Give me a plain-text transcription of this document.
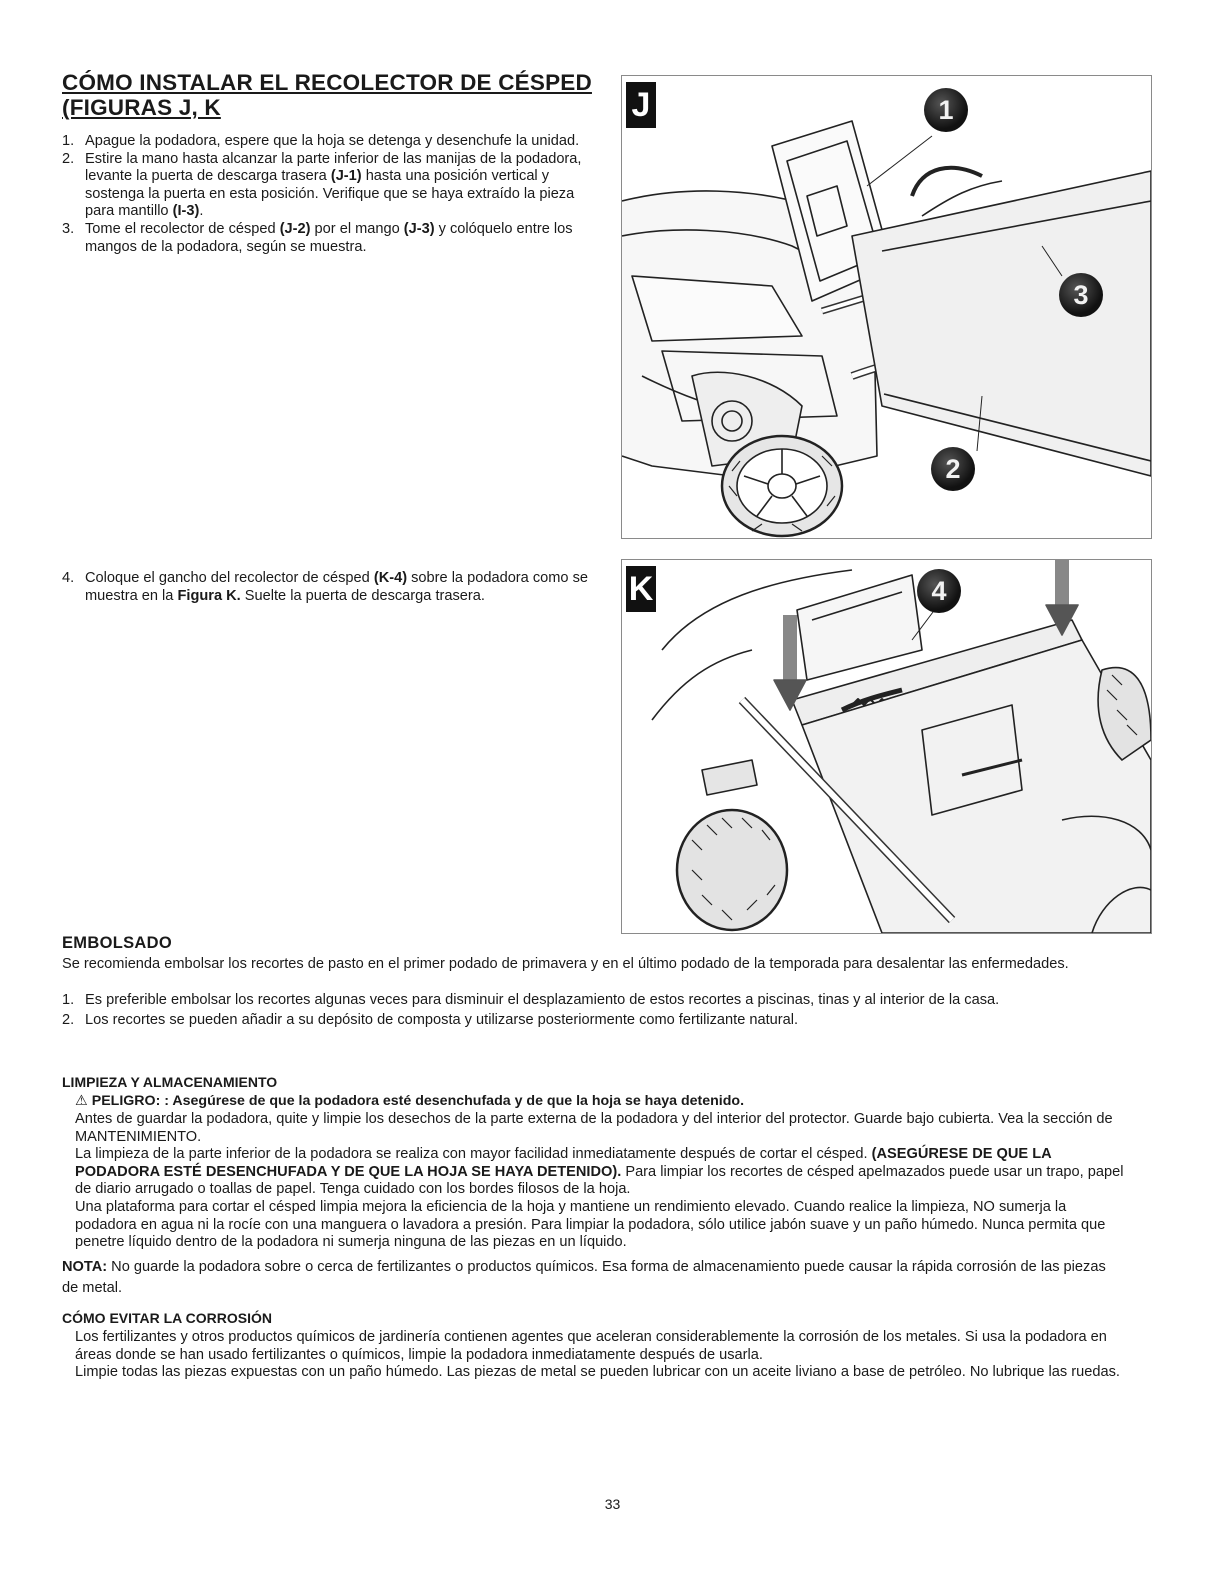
CÓMO INSTALAR EL RECOLECTOR DE CÉSPED
(FIGURAS J, K
1. Apague la podadora, espere que la hoja se detenga y desenchufe la unidad.
2. Estire la mano hasta alcanzar la parte inferior de las manijas de la podadora, levante la puerta de descarga trasera (J-1) hasta una posición vertical y sostenga la puerta en esta posición. Verifique que se haya extraído la pieza para mantillo (I-3).
3. Tome el recolector de césped (J-2) por el mango (J-3) y colóquelo entre los mangos de la podadora, según se muestra.
J	1
3
2
4. Coloque el gancho del recolector de césped (K-4) sobre la podadora como se muestra en la Figura K. Suelte la puerta de descarga trasera.	K	4
EMBOLSADO

Se recomienda embolsar los recortes de pasto en el primer podado de primavera y en el último podado de la temporada para desalentar las enfermedades.

1. Es preferible embolsar los recortes algunas veces para disminuir el desplazamiento de estos recortes a piscinas, tinas y al interior de la casa.
2. Los recortes se pueden añadir a su depósito de composta y utilizarse posteriormente como fertilizante natural.
LIMPIEZA Y ALMACENAMIENTO

⚠ PELIGRO: : Asegúrese de que la podadora esté desenchufada y de que la hoja se haya detenido.

Antes de guardar la podadora, quite y limpie los desechos de la parte externa de la podadora y del interior del protector. Guarde bajo cubierta. Vea la sección de MANTENIMIENTO.

La limpieza de la parte inferior de la podadora se realiza con mayor facilidad inmediatamente después de cortar el césped. (ASEGÚRESE DE QUE LA PODADORA ESTÉ DESENCHUFADA Y DE QUE LA HOJA SE HAYA DETENIDO). Para limpiar los recortes de césped apelmazados puede usar un trapo, papel de diario arrugado o toallas de papel. Tenga cuidado con los bordes filosos de la hoja.

Una plataforma para cortar el césped limpia mejora la eficiencia de la hoja y mantiene un rendimiento elevado. Cuando realice la limpieza, NO sumerja la podadora en agua ni la rocíe con una manguera o lavadora a presión. Para limpiar la podadora, sólo utilice jabón suave y un paño húmedo. Nunca permita que penetre líquido dentro de la podadora ni sumerja ninguna de las piezas en un líquido.

NOTA: No guarde la podadora sobre o cerca de fertilizantes o productos químicos. Esa forma de almacenamiento puede causar la rápida corrosión de las piezas de metal.

CÓMO EVITAR LA CORROSIÓN

Los fertilizantes y otros productos químicos de jardinería contienen agentes que aceleran considerablemente la corrosión de los metales. Si usa la podadora en áreas donde se han usado fertilizantes o químicos, limpie la podadora inmediatamente después de usarla.

Limpie todas las piezas expuestas con un paño húmedo. Las piezas de metal se pueden lubricar con un aceite liviano a base de petróleo. No lubrique las ruedas.

33
